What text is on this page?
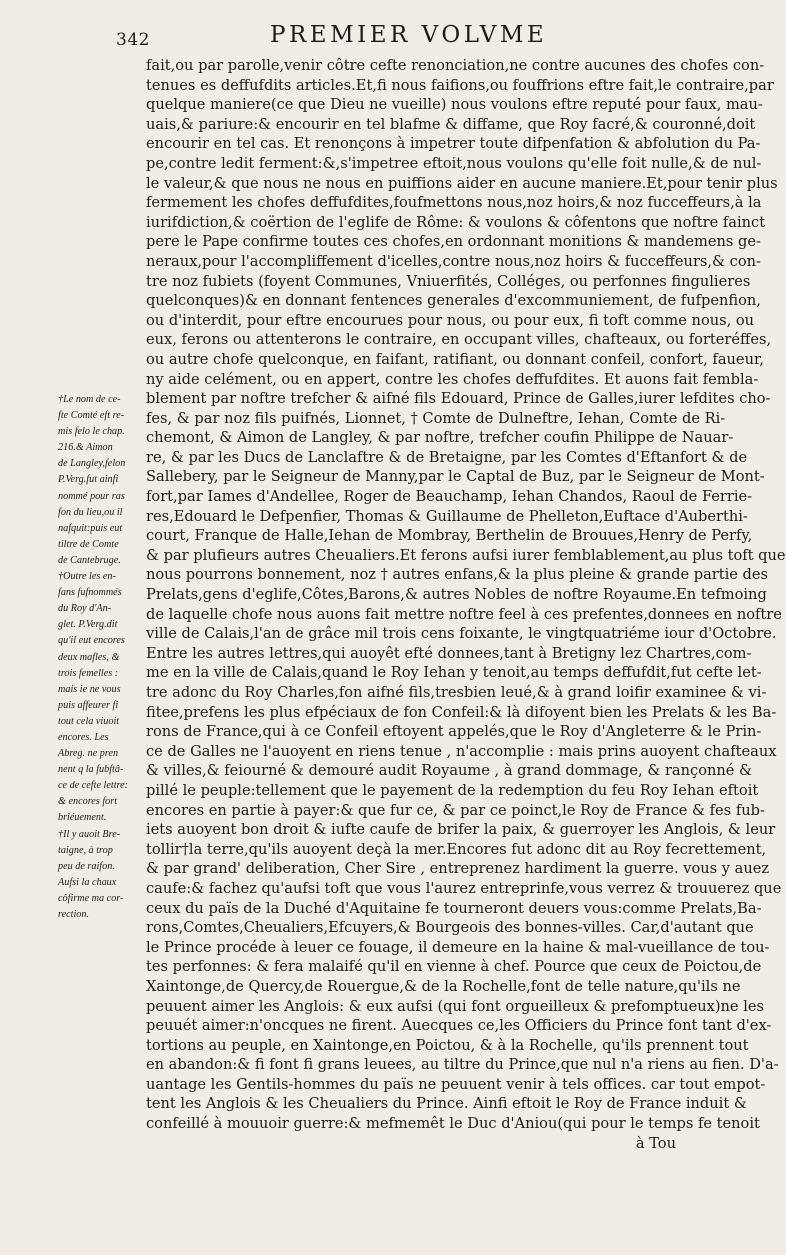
342	PREMIER VOLVME
fait,ou par parolle,venir côtre cefte renonciation,ne contre aucunes des chofes con-
tenues es deffufdits articles.Et,fi nous faifions,ou fouffrions eftre fait,le contraire,par
quelque maniere(ce que Dieu ne vueille) nous voulons eftre reputé pour faux, mau-
uais,& pariure:& encourir en tel blafme & diffame, que Roy facré,& couronné,doit
encourir en tel cas. Et renonçons à impetrer toute difpenfation & abfolution du Pa-
pe,contre ledit ferment:&,s'impetree eftoit,nous voulons qu'elle foit nulle,& de nul-
le valeur,& que nous ne nous en puiffions aider en aucune maniere.Et,pour tenir plus
fermement les chofes deffufdites,foufmettons nous,noz hoirs,& noz fucceffeurs,à la
iurifdiction,& coërtion de l'eglife de Rôme: & voulons & côfentons que noftre fainct
pere le Pape confirme toutes ces chofes,en ordonnant monitions & mandemens ge-
neraux,pour l'accompliffement d'icelles,contre nous,noz hoirs & fucceffeurs,& con-
tre noz fubiets (foyent Communes, Vniuerfités, Colléges, ou perfonnes fingulieres
quelconques)& en donnant fentences generales d'excommuniement, de fufpenfion,
ou d'interdit, pour eftre encourues pour nous, ou pour eux, fi toft comme nous, ou
eux, ferons ou attenterons le contraire, en occupant villes, chafteaux, ou forteréffes,
ou autre chofe quelconque, en faifant, ratifiant, ou donnant confeil, confort, faueur,
ny aide celément, ou en appert, contre les chofes deffufdites. Et auons fait fembla-
blement par noftre trefcher & aifné fils Edouard, Prince de Galles,iurer lefdites cho-
fes, & par noz fils puifnés, Lionnet, † Comte de Dulneftre, Iehan, Comte de Ri-
chemont, & Aimon de Langley, & par noftre, trefcher coufin Philippe de Nauar-
re, & par les Ducs de Lanclaftre & de Bretaigne, par les Comtes d'Eftanfort & de
Sallebery, par le Seigneur de Manny,par le Captal de Buz, par le Seigneur de Mont-
fort,par Iames d'Andellee, Roger de Beauchamp, Iehan Chandos, Raoul de Ferrie-
res,Edouard le Defpenfier, Thomas & Guillaume de Phelleton,Euftace d'Auberthi-
court, Franque de Halle,Iehan de Mombray, Berthelin de Brouues,Henry de Perfy,
& par plufieurs autres Cheualiers.Et ferons aufsi iurer femblablement,au plus toft que
nous pourrons bonnement, noz † autres enfans,& la plus pleine & grande partie des
Prelats,gens d'eglife,Côtes,Barons,& autres Nobles de noftre Royaume.En tefmoing
de laquelle chofe nous auons fait mettre noftre feel à ces prefentes,donnees en noftre
ville de Calais,l'an de grâce mil trois cens foixante, le vingtquatriéme iour d'Octobre.
Entre les autres lettres,qui auoyêt efté donnees,tant à Bretigny lez Chartres,com-
me en la ville de Calais,quand le Roy Iehan y tenoit,au temps deffufdit,fut cefte let-
tre adonc du Roy Charles,fon aifné fils,tresbien leué,& à grand loifir examinee & vi-
fitee,prefens les plus efpéciaux de fon Confeil:& là difoyent bien les Prelats & les Ba-
rons de France,qui à ce Confeil eftoyent appelés,que le Roy d'Angleterre & le Prin-
ce de Galles ne l'auoyent en riens tenue , n'accomplie : mais prins auoyent chafteaux
& villes,& feiourné & demouré audit Royaume , à grand dommage, & rançonné &
pillé le peuple:tellement que le payement de la redemption du feu Roy Iehan eftoit
encores en partie à payer:& que fur ce, & par ce poinct,le Roy de France & fes fub-
iets auoyent bon droit & iufte caufe de brifer la paix, & guerroyer les Anglois, & leur
tollir†la terre,qu'ils auoyent deçà la mer.Encores fut adonc dit au Roy fecrettement,
& par grand' deliberation, Cher Sire , entreprenez hardiment la guerre. vous y auez
caufe:& fachez qu'aufsi toft que vous l'aurez entreprinfe,vous verrez & trouuerez que
ceux du païs de la Duché d'Aquitaine fe tourneront deuers vous:comme Prelats,Ba-
rons,Comtes,Cheualiers,Efcuyers,& Bourgeois des bonnes-villes. Car,d'autant que
le Prince procéde à leuer ce fouage, il demeure en la haine & mal-vueillance de tou-
tes perfonnes: & fera malaifé qu'il en vienne à chef. Pource que ceux de Poictou,de
Xaintonge,de Quercy,de Rouergue,& de la Rochelle,font de telle nature,qu'ils ne
peuuent aimer les Anglois: & eux aufsi (qui font orgueilleux & prefomptueux)ne les
peuuét aimer:n'oncques ne firent. Auecques ce,les Officiers du Prince font tant d'ex-
tortions au peuple, en Xaintonge,en Poictou, & à la Rochelle, qu'ils prennent tout
en abandon:& fi font fi grans leuees, au tiltre du Prince,que nul n'a riens au fien. D'a-
uantage les Gentils-hommes du païs ne peuuent venir à tels offices. car tout empot-
tent les Anglois & les Cheualiers du Prince. Ainfi eftoit le Roy de France induit &
confeillé à mouuoir guerre:& mefmemêt le Duc d'Aniou(qui pour le temps fe tenoit
à Tou
†Le nom de ce-
fte Comté eft re-
mis felo le chap.
216.& Aimon
de Langley,felon
P.Verg.fut ainfi
nommé pour ras
fon du lieu,ou il
nafquit:puis eut
tiltre de Comte
de Cantebruge.
†Outre les en-
fans fufnommés
du Roy d'An-
glet. P.Verg.dit
qu'il eut encores
deux mafles, &
trois femelles :
mais ie ne vous
puis affeurer fi
tout cela viuoit
encores. Les
Abreg. ne pren
nent q la fubftâ-
ce de cefte lettre:
& encores fort
briéuement.
†Il y auoit Bre-
taigne, à trop
peu de raifon.
Aufsi la chaux
côfirme ma cor-
rection.
